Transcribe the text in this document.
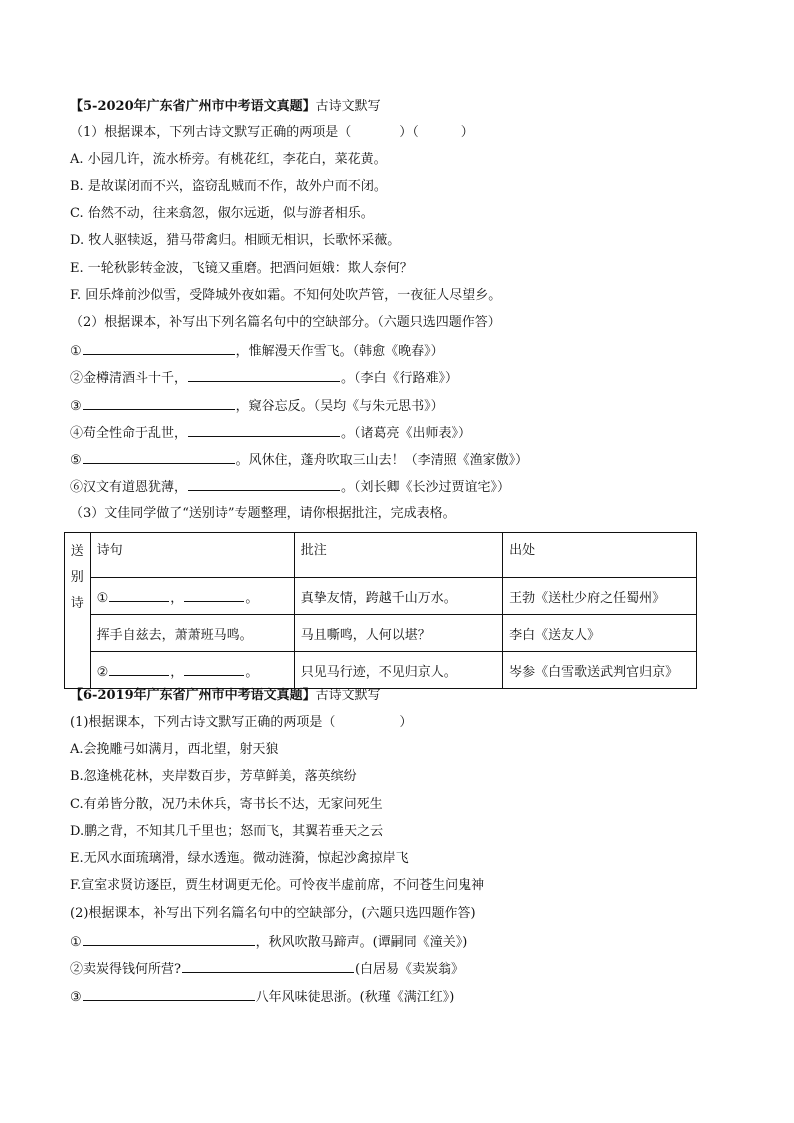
【5-2020年广东省广州市中考语文真题】古诗文默写
（1）根据课本，下列古诗文默写正确的两项是（	）（	）
A. 小园几许，流水桥旁。有桃花红，李花白，菜花黄。
B. 是故谋闭而不兴，盗窃乱贼而不作，故外户而不闭。
C. 佁然不动，往来翕忽，俶尔远逝，似与游者相乐。
D. 牧人驱犊返，猎马带禽归。相顾无相识，长歌怀采薇。
E. 一轮秋影转金波，飞镜又重磨。把酒问姮娥：欺人奈何？
F. 回乐烽前沙似雪，受降城外夜如霜。不知何处吹芦管，一夜征人尽望乡。
（2）根据课本，补写出下列名篇名句中的空缺部分。（六题只选四题作答）
①	，惟解漫天作雪飞。（韩愈《晚春》）
②金樽清酒斗十千，	。（李白《行路难》）
③	，窥谷忘反。（吴均《与朱元思书》）
④苟全性命于乱世，	。（诸葛亮《出师表》）
⑤	。风休住，蓬舟吹取三山去！（李清照《渔家傲》）
⑥汉文有道恩犹薄，	。（刘长卿《长沙过贾谊宅》）
（3）文佳同学做了“送别诗”专题整理，请你根据批注，完成表格。
送别诗	诗句	批注	出处
	① ， 。	真挚友情，跨越千山万水。	王勃《送杜少府之任蜀州》
	挥手自兹去，萧萧班马鸣。	马且嘶鸣，人何以堪？	李白《送友人》
	② ， 。	只见马行迹，不见归京人。	岑参《白雪歌送武判官归京》
【6-2019年广东省广州市中考语文真题】古诗文默写
(1)根据课本，下列古诗文默写正确的两项是（	）
A.会挽雕弓如满月，西北望，射天狼
B.忽逢桃花林，夹岸数百步，芳草鲜美，落英缤纷
C.有弟皆分散，况乃未休兵，寄书长不达，无家问死生
D.鹏之背，不知其几千里也；怒而飞，其翼若垂天之云
E.无风水面琉璃滑，绿水透迤。微动涟漪，惊起沙禽掠岸飞
F.宣室求贤访逐臣，贾生材调更无伦。可怜夜半虚前席，不问苍生问鬼神
(2)根据课本，补写出下列名篇名句中的空缺部分，(六题只选四题作答)
①	，秋风吹散马蹄声。(谭嗣同《潼关》)
②卖炭得钱何所营?	(白居易《卖炭翁》
③	八年风味徒思浙。(秋瑾《满江红》)
